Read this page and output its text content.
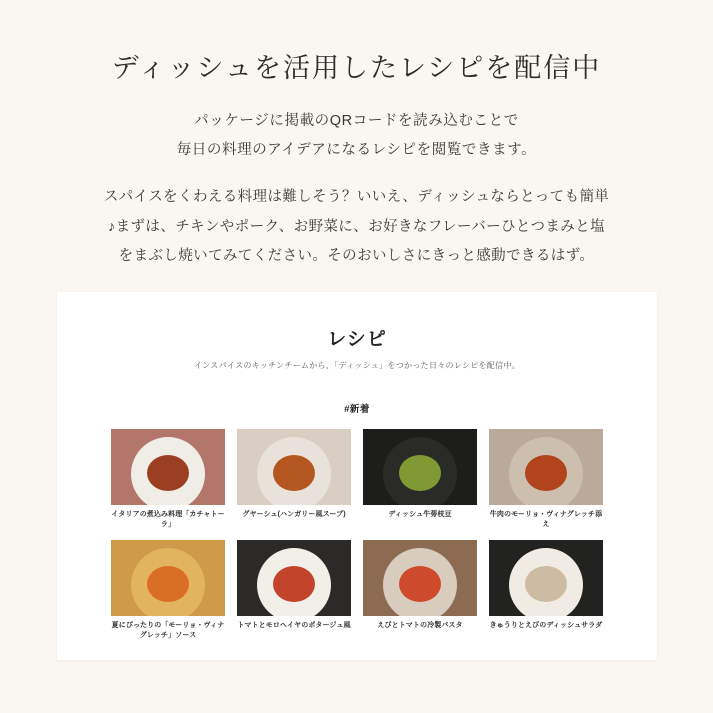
ディッシュを活用したレシピを配信中
パッケージに掲載のQRコードを読み込むことで
毎日の料理のアイデアになるレシピを閲覧できます。
スパイスをくわえる料理は難しそう？いいえ、ディッシュならとっても簡単
♪まずは、チキンやポーク、お野菜に、お好きなフレーバーひとつまみと塩
をまぶし焼いてみてください。そのおいしさにきっと感動できるはず。
レシピ
インスパイスのキッチンチームから、「ディッシュ」をつかった日々のレシピを配信中。
#新着
イタリアの煮込み料理「カチャトーラ」
グヤーシュ(ハンガリー風スープ)	ディッシュ牛蒡枝豆	牛肉のモーリョ・ヴィナグレッチ添え
夏にぴったりの「モーリョ・ヴィナグレッチ」ソース
トマトとモロヘイヤのポタージュ風	えびとトマトの冷製パスタ	きゅうりとえびのディッシュサラダ
